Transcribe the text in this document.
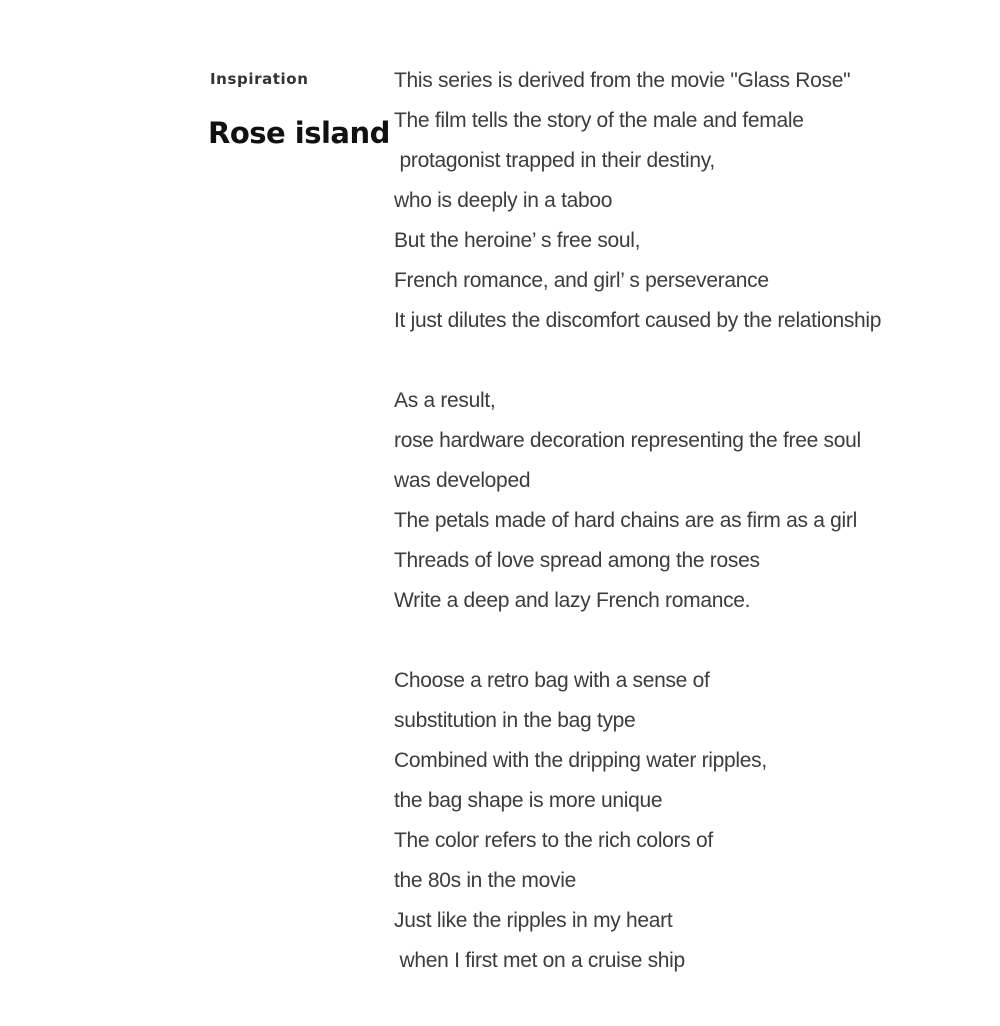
Inspiration
Rose island
This series is derived from the movie "Glass Rose"
The film tells the story of the male and female
protagonist trapped in their destiny,
who is deeply in a taboo
But the heroine’ s free soul,
French romance, and girl’ s perseverance
It just dilutes the discomfort caused by the relationship
As a result,
rose hardware decoration representing the free soul
was developed
The petals made of hard chains are as firm as a girl
Threads of love spread among the roses
Write a deep and lazy French romance.
Choose a retro bag with a sense of
substitution in the bag type
Combined with the dripping water ripples,
the bag shape is more unique
The color refers to the rich colors of
the 80s in the movie
Just like the ripples in my heart
when I first met on a cruise ship
